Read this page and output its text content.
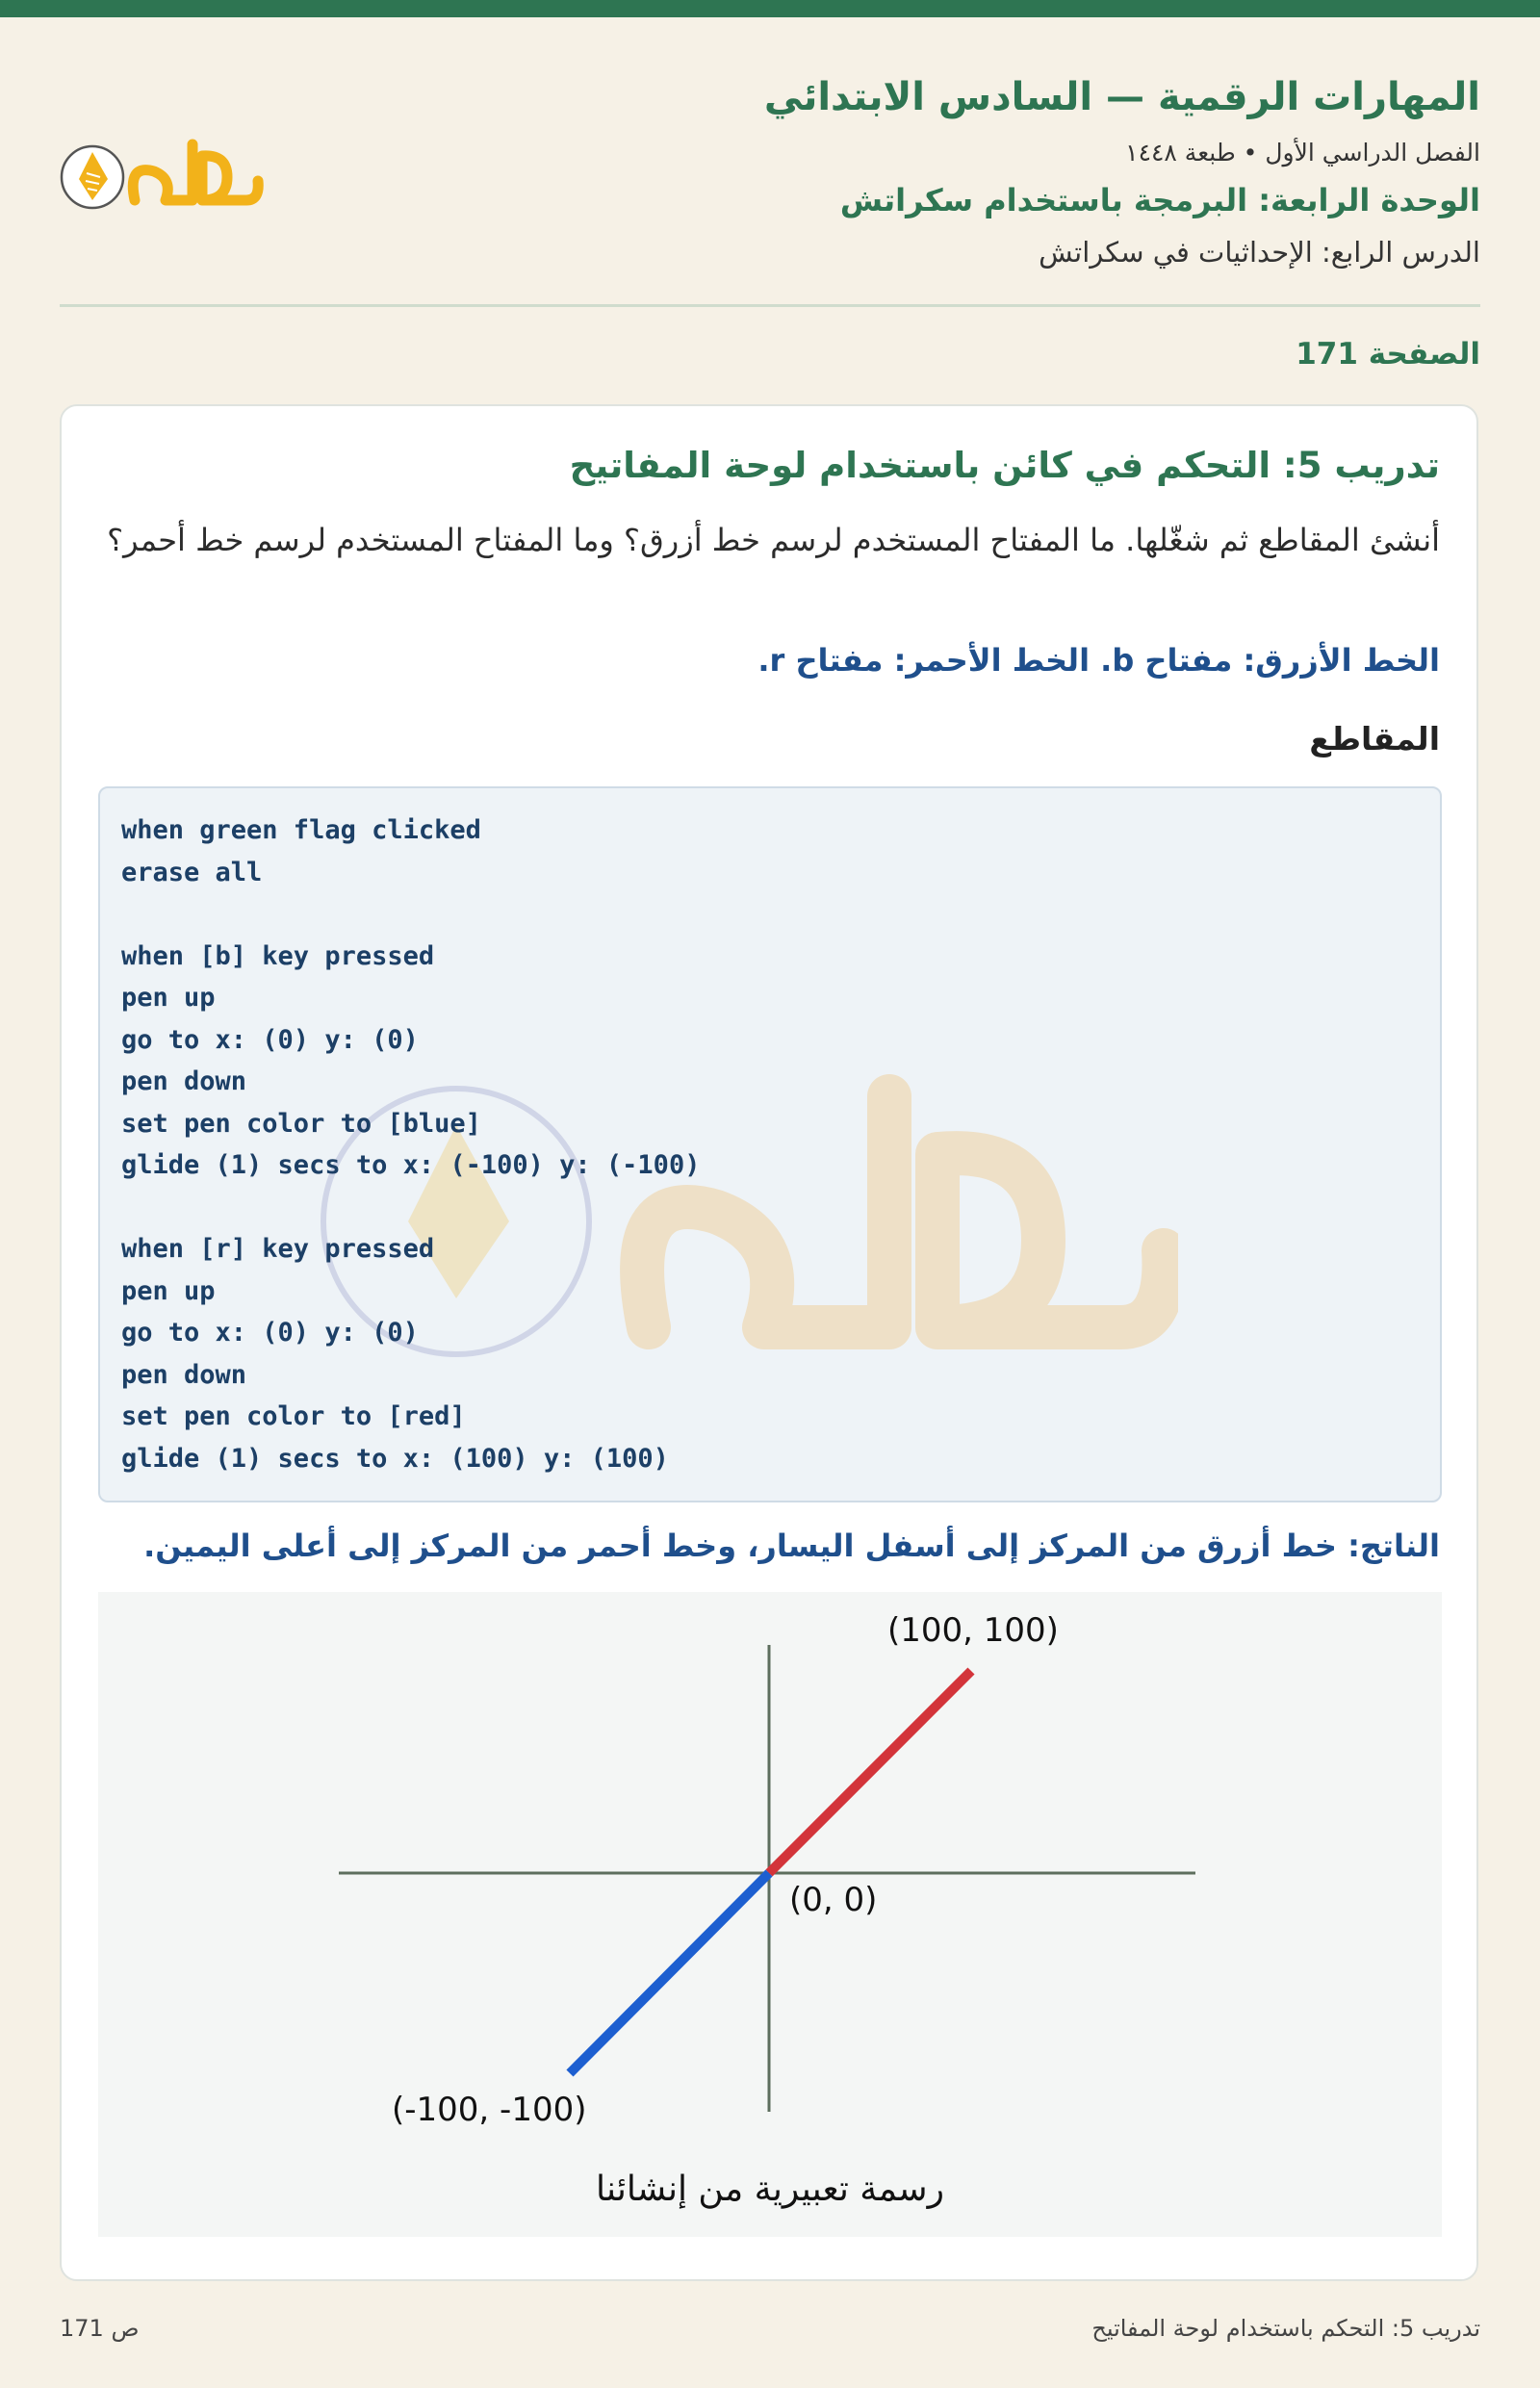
المهارات الرقمية — السادس الابتدائي
الفصل الدراسي الأول • طبعة ١٤٤٨
الوحدة الرابعة: البرمجة باستخدام سكراتش
الدرس الرابع: الإحداثيات في سكراتش
الصفحة 171
تدريب 5: التحكم في كائن باستخدام لوحة المفاتيح
أنشئ المقاطع ثم شغّلها. ما المفتاح المستخدم لرسم خط أزرق؟ وما المفتاح المستخدم لرسم خط أحمر؟
الخط الأزرق: مفتاح b. الخط الأحمر: مفتاح r.
المقاطع
when green flag clicked
erase all
when [b] key pressed
pen up
go to x: (0) y: (0)
pen down
set pen color to [blue]
glide (1) secs to x: (-100) y: (-100)
when [r] key pressed
pen up
go to x: (0) y: (0)
pen down
set pen color to [red]
glide (1) secs to x: (100) y: (100)
الناتج: خط أزرق من المركز إلى أسفل اليسار، وخط أحمر من المركز إلى أعلى اليمين.
(100, 100)
(0, 0)
(-100, -100)
رسمة تعبيرية من إنشائنا
ص 171	تدريب 5: التحكم باستخدام لوحة المفاتيح
